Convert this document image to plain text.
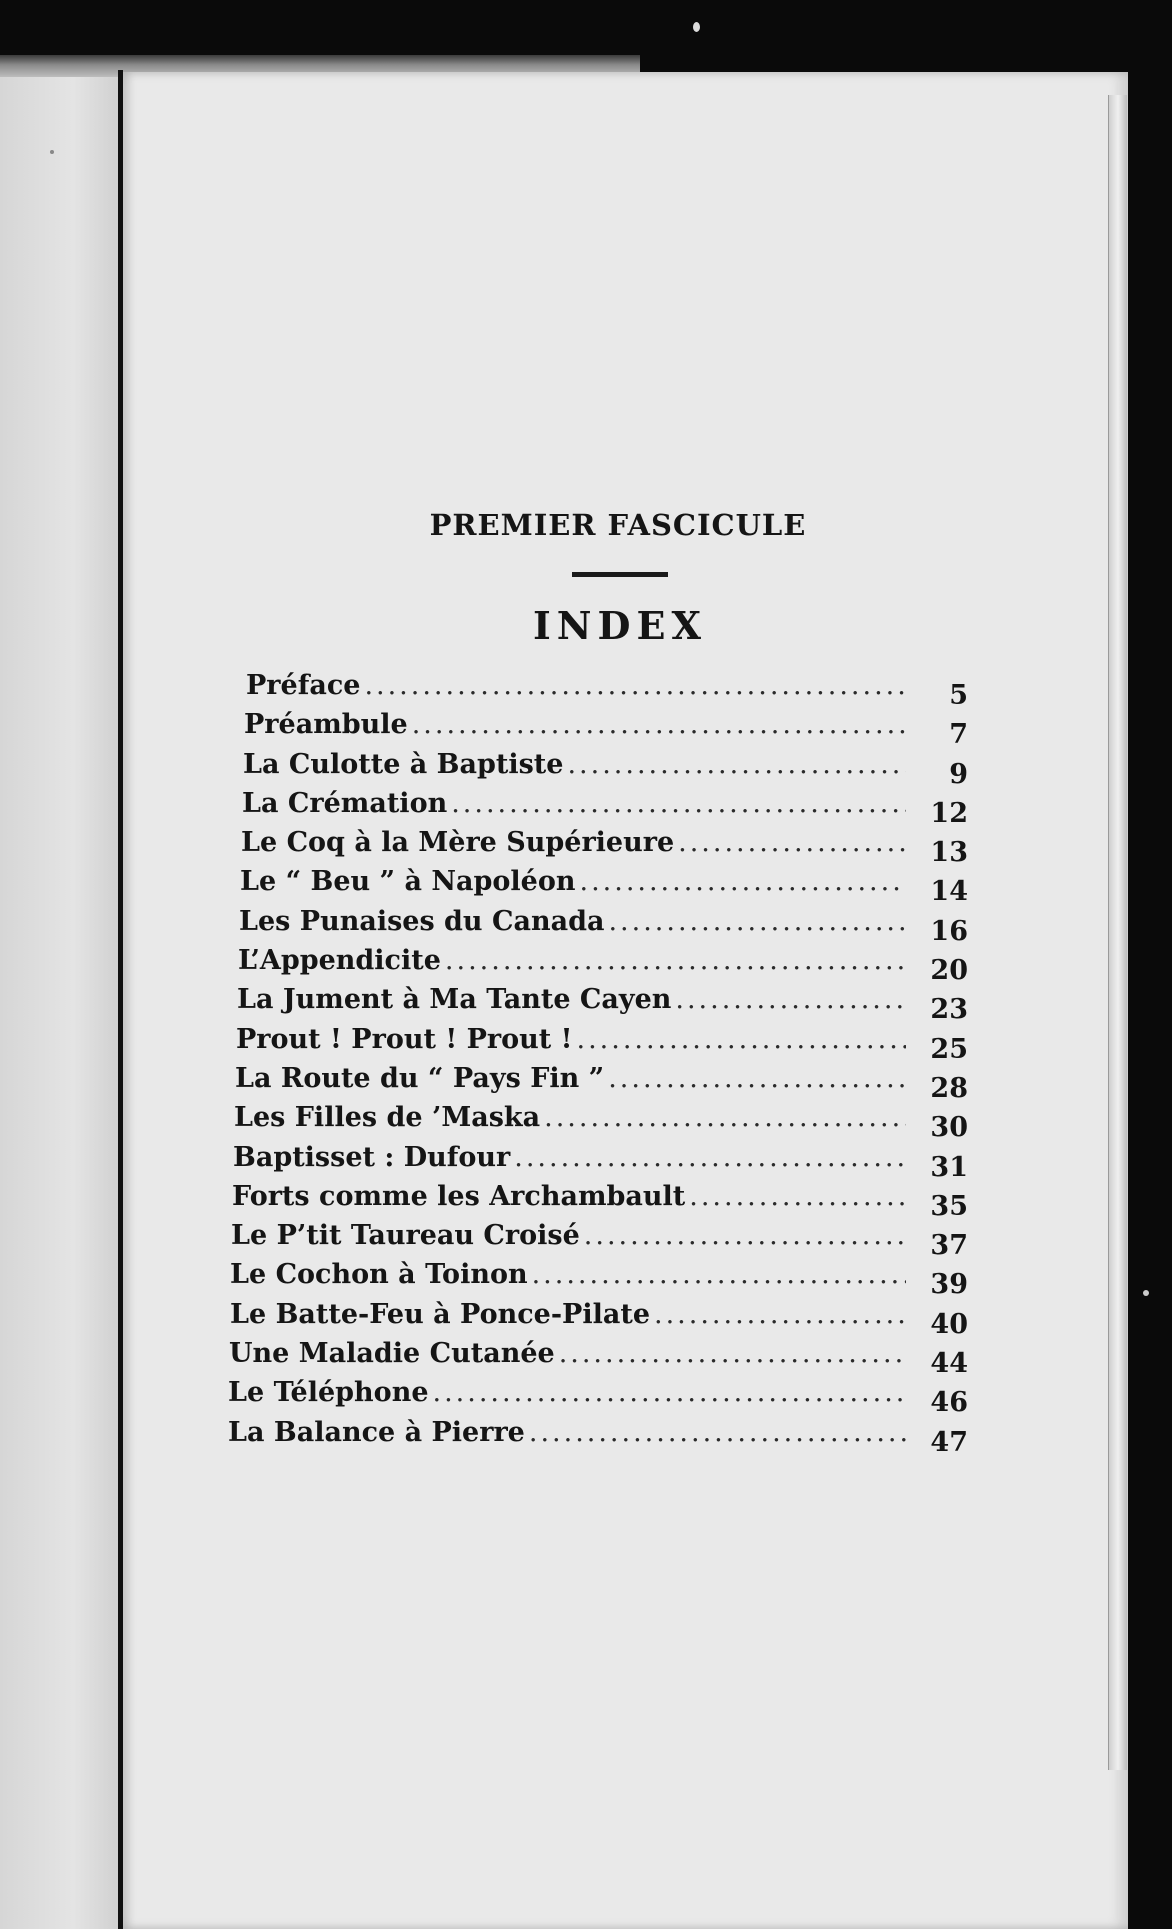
PREMIER FASCICULE
INDEX
Préface .....	5
Préambule .....	7
La Culotte à Baptiste .....	9
La Crémation .....	12
Le Coq à la Mère Supérieure .....	13
Le “ Beu ” à Napoléon .....	14
Les Punaises du Canada .....	16
L’Appendicite .....	20
La Jument à Ma Tante Cayen .....	23
Prout ! Prout ! Prout ! .....	25
La Route du “ Pays Fin ” .....	28
Les Filles de ’Maska .....	30
Baptisset : Dufour .....	31
Forts comme les Archambault .....	35
Le P’tit Taureau Croisé .....	37
Le Cochon à Toinon .....	39
Le Batte-Feu à Ponce-Pilate .....	40
Une Maladie Cutanée .....	44
Le Téléphone .....	46
La Balance à Pierre .....	47
